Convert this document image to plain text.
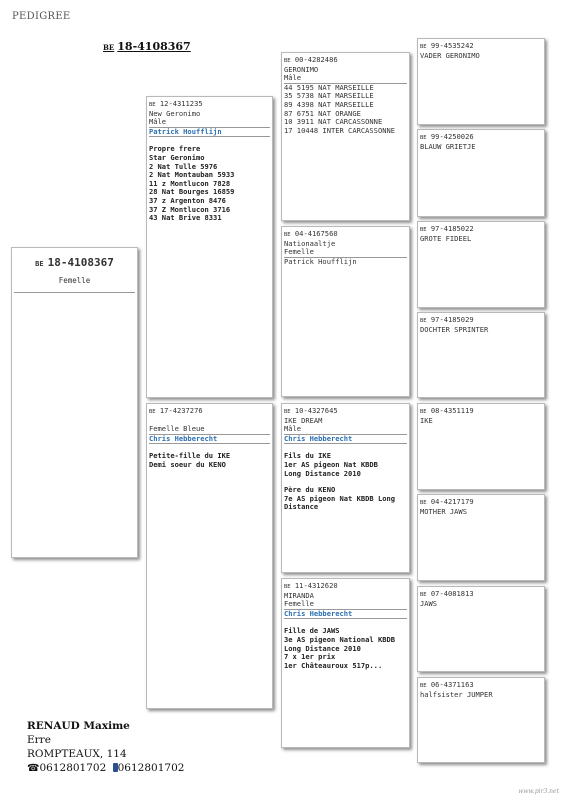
PEDIGREE
BE 18-4108367
BE 18-4108367
Femelle
BE 12-4311235
New Geronimo
Mâle
Patrick Houfflijn
Propre frere
Star Geronimo
2 Nat Tulle 5976
2 Nat Montauban 5933
11 z Montlucon 7828
28 Nat Bourges 16859
37 z Argenton 8476
37 Z Montlucon 3716
43 Nat Brive 8331
BE 17-4237276
Femelle Bleue
Chris Hebberecht
Petite-fille du IKE
Demi soeur du KENO
BE 00-4282486
GERONIMO
Mâle
44 5195 NAT MARSEILLE
35 5738 NAT MARSEILLE
89 4398 NAT MARSEILLE
87 6751 NAT ORANGE
10 3911 NAT CARCASSONNE
17 10448 INTER CARCASSONNE
BE 04-4167560
Nationaaltje
Femelle
Patrick Houfflijn
BE 10-4327645
IKE DREAM
Mâle
Chris Hebberecht
Fils du IKE
1er AS pigeon Nat KBDB
Long Distance 2010
Père du KENO
7e AS pigeon Nat KBDB Long
Distance
BE 11-4312620
MIRANDA
Femelle
Chris Hebberecht
Fille de JAWS
3e AS pigeon National KBDB
Long Distance 2010
7 x 1er prix
1er Châteauroux 517p...
BE 99-4535242
VADER GERONIMO
BE 99-4250026
BLAUW GRIETJE
BE 97-4185022
GROTE FIDEEL
BE 97-4185029
DOCHTER SPRINTER
BE 08-4351119
IKE
BE 04-4217179
MOTHER JAWS
BE 07-4081813
JAWS
BE 06-4371163
halfsister JUMPER
RENAUD Maxime
Erre
ROMPTEAUX, 114
☎0612801702 0612801702
www.pir3.net
